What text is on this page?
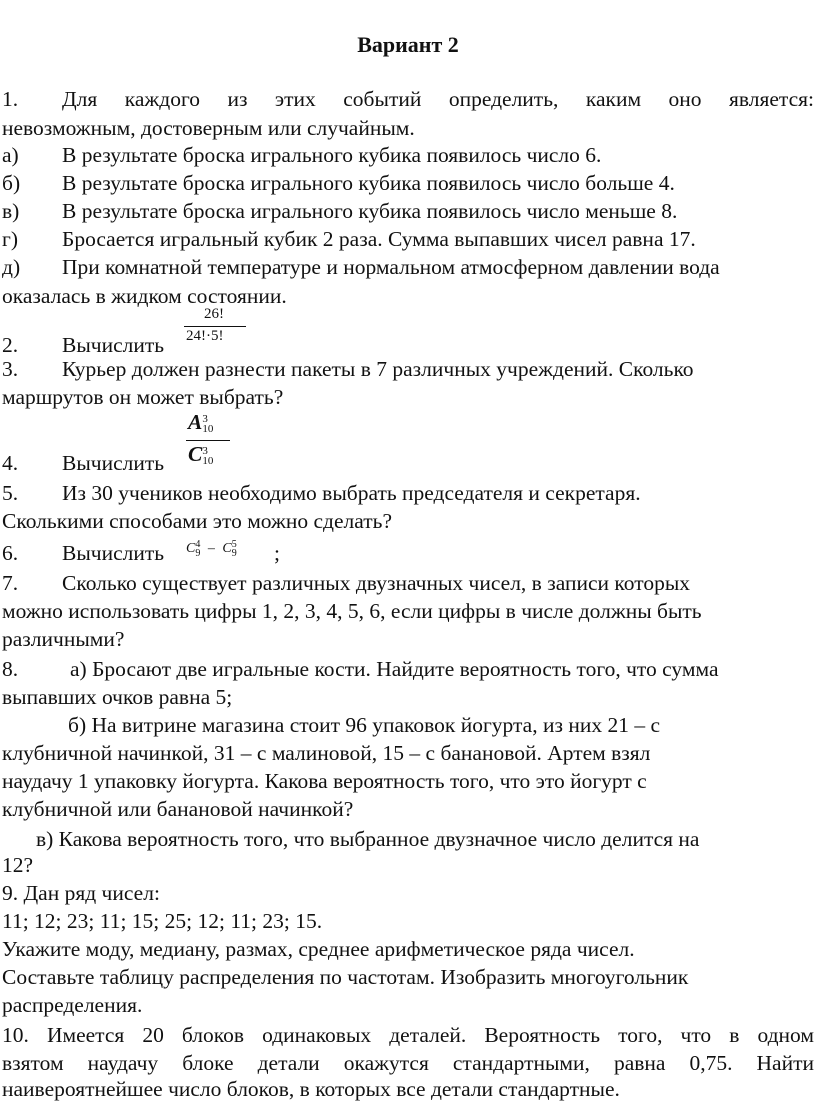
Вариант 2
1. Для каждого из этих событий определить, каким оно является:
невозможным, достоверным или случайным.
а) В результате броска игрального кубика появилось число 6.
б) В результате броска игрального кубика появилось число больше 4.
в) В результате броска игрального кубика появилось число меньше 8.
г) Бросается игральный кубик 2 раза. Сумма выпавших чисел равна 17.
д) При комнатной температуре и нормальном атмосферном давлении вода
оказалась в жидком состоянии.
2. Вычислить
26!
24!·5!
3. Курьер должен разнести пакеты в 7 различных учреждений. Сколько
маршрутов он может выбрать?
A 3
10
C 3
10
4. Вычислить
5. Из 30 учеников необходимо выбрать председателя и секретаря.
Сколькими способами это можно сделать?
6. Вычислить C 4
9 – C 5
9 ;
7. Сколько существует различных двузначных чисел, в записи которых
можно использовать цифры 1, 2, 3, 4, 5, 6, если цифры в числе должны быть
различными?
8. а) Бросают две игральные кости. Найдите вероятность того, что сумма
выпавших очков равна 5;
б) На витрине магазина стоит 96 упаковок йогурта, из них 21 – с
клубничной начинкой, 31 – с малиновой, 15 – с банановой. Артем взял
наудачу 1 упаковку йогурта. Какова вероятность того, что это йогурт с
клубничной или банановой начинкой?
в) Какова вероятность того, что выбранное двузначное число делится на
12?
9. Дан ряд чисел:
11; 12; 23; 11; 15; 25; 12; 11; 23; 15.
Укажите моду, медиану, размах, среднее арифметическое ряда чисел.
Составьте таблицу распределения по частотам. Изобразить многоугольник
распределения.
10. Имеется 20 блоков одинаковых деталей. Вероятность того, что в одном
взятом наудачу блоке детали окажутся стандартными, равна 0,75. Найти
наивероятнейшее число блоков, в которых все детали стандартные.
